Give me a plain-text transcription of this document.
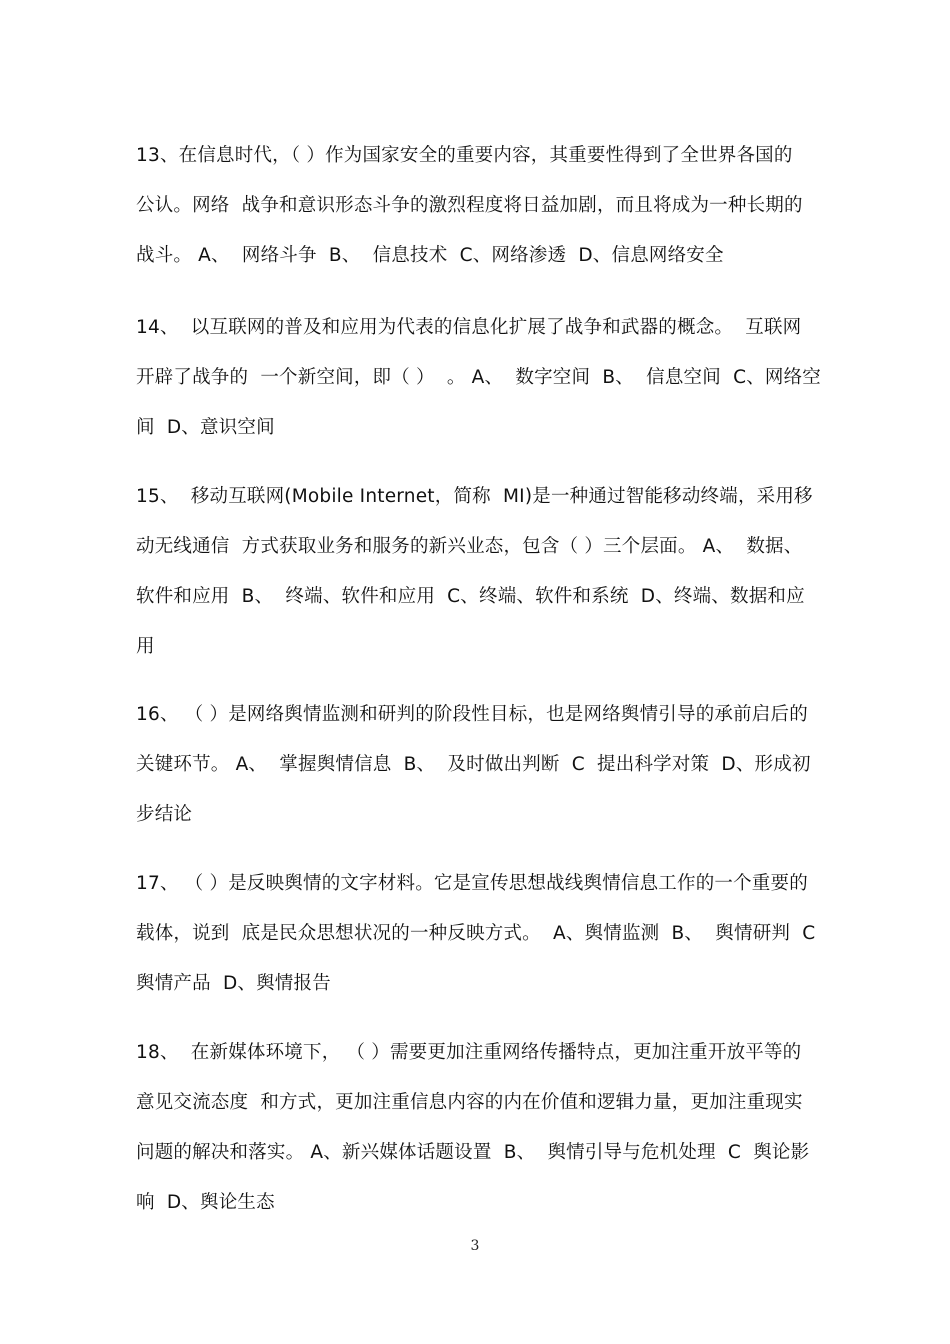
13、在信息时代，（ ）作为国家安全的重要内容，其重要性得到了全世界各国的
公认。网络  战争和意识形态斗争的激烈程度将日益加剧，而且将成为一种长期的
战斗。 A、  网络斗争  B、  信息技术  C、网络渗透  D、信息网络安全
14、  以互联网的普及和应用为代表的信息化扩展了战争和武器的概念。  互联网
开辟了战争的  一个新空间，即（ ）  。 A、  数字空间  B、  信息空间  C、网络空
间  D、意识空间
15、  移动互联网(Mobile Internet，简称  MI)是一种通过智能移动终端，采用移
动无线通信  方式获取业务和服务的新兴业态，包含（ ）三个层面。 A、  数据、
软件和应用  B、  终端、软件和应用  C、终端、软件和系统  D、终端、数据和应
用
16、 （ ）是网络舆情监测和研判的阶段性目标，也是网络舆情引导的承前启后的
关键环节。 A、  掌握舆情信息  B、  及时做出判断  C  提出科学对策  D、形成初
步结论
17、 （ ）是反映舆情的文字材料。它是宣传思想战线舆情信息工作的一个重要的
载体，说到  底是民众思想状况的一种反映方式。  A、舆情监测  B、  舆情研判  C
舆情产品  D、舆情报告
18、  在新媒体环境下， （ ）需要更加注重网络传播特点，更加注重开放平等的
意见交流态度  和方式，更加注重信息内容的内在价值和逻辑力量，更加注重现实
问题的解决和落实。 A、新兴媒体话题设置  B、  舆情引导与危机处理  C  舆论影
响  D、舆论生态
3
